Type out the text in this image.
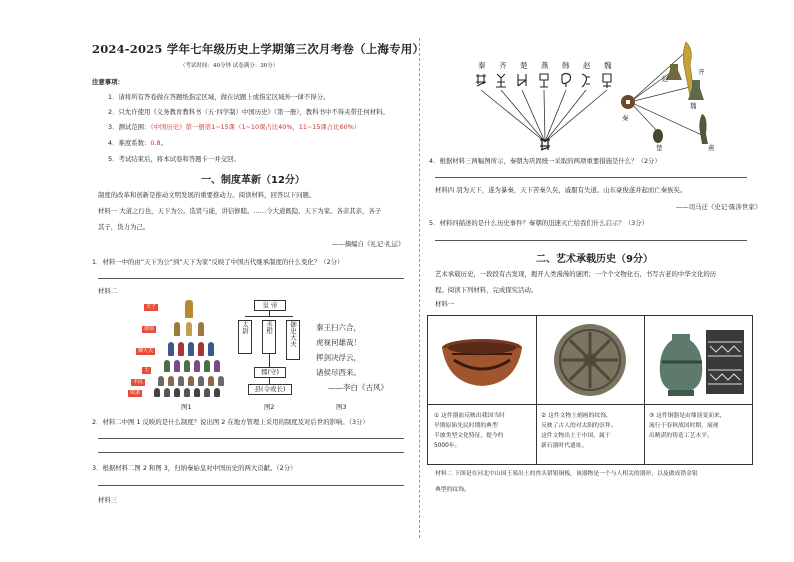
2024-2025 学年七年级历史上学期第三次月考卷（上海专用）
（考试时间：40分钟 试卷满分：30分）
注意事项：
1．请将所有答卷做在答题纸指定区域，做在试题上或指定区域外一律不得分。
2．只允许使用《义务教育教科书（五·四学制）中国历史》（第一册），教科书中不得夹带任何材料。
3．测试范围：《中国历史》第一册第1~15课（1~10课占比40%，11~15课占比60%）
4．难度系数：0.8。
5．考试结束后，将本试卷和答题卡一并交回。
一、制度革新（12分）
制度的改革和创新是推动文明发展的重要推动力。阅读材料，回答以下问题。
材料一 大道之行也，天下为公。选贤与能，讲信修睦。……今大道既隐，天下为家。各亲其亲，各子
其子，货力为己。
——摘编自《礼记·礼运》
1．材料一中的由“天下为公”到“天下为家”反映了中国古代继承制度的什么变化？（2分）
材料二
天子
诸侯
卿大夫
士
平民
奴隶
皇 帝
太尉	丞相	御史大夫
郡(守)
县(令或长)
秦王扫六合，
虎视何雄哉！
挥剑决浮云，
诸侯尽西来。
——李白《古风》
图1	图2	图3
2．材料二中图 1 反映的是什么制度？说出图 2 在地方管理上采用的制度及对后世的影响。（3分）
3．根据材料二图 2 和图 3，归纳秦始皇对中国历史的两大贡献。（2分）
材料三
秦 齐 楚 燕 韩 赵 魏
齐
赵
魏
秦
楚	燕
4．根据材料三两幅图所示，秦朝为巩固统一采取的两项重要措施是什么？（2分）
材料四 羽为天下，遂为暴秦，天下苦秦久矣，戚服有失道。山东豪俊遂并起而亡秦族矣。
——司马迁《史记·陈涉世家》
5．材料四描述的是什么历史事件？秦朝的迅速灭亡给我们什么启示？（3分）
二、艺术承载历史（9分）
艺术承载历史，一段段有古发现，揭开人类漫漫的谜团；一个个文物化石，书写古老的中华文化的历
程。阅读下列材料，完成探究活动。
材料一
① 这件器皿反映出我国当时
早期原始先民时期的典型
半坡类型文化特征，提今约
5000年。
② 这件文物上刻画的纹饰，
反映了古人的对太阳的崇拜。
这件文物出土于中国，属于
新石器时代遗址。
③ 这件铜器是由鼎演变而来，
流行于春秋战国时期，展现
出精湛的铸造工艺水平。
材料二 下图是在河北中山国王墓出土的兽头错银铜板，该器物是一个与人相关的器形，以及做成错金银
典型的纹饰。
